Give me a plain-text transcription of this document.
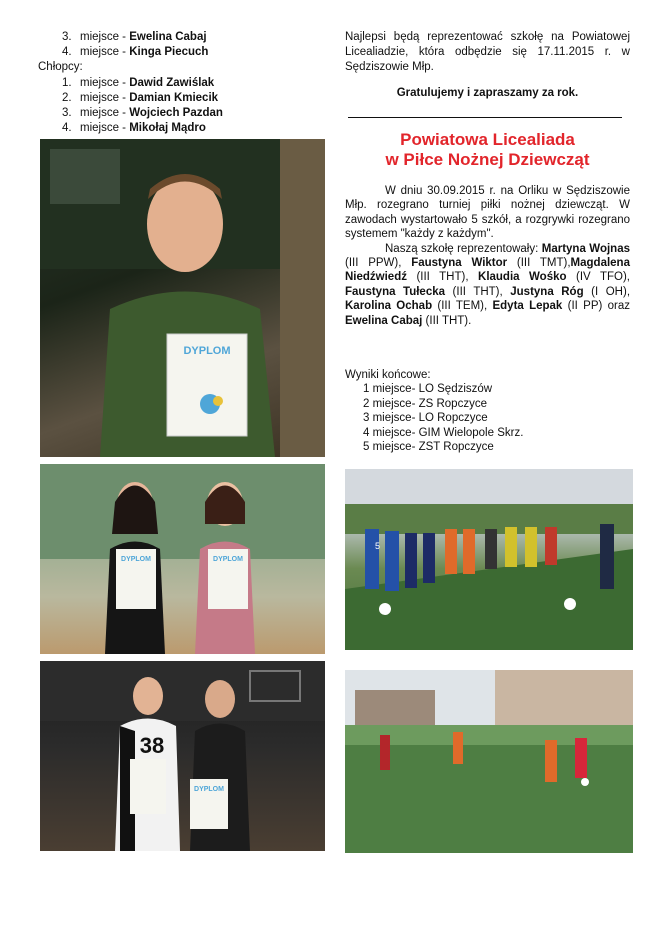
3. miejsce - Ewelina Cabaj
4. miejsce - Kinga Piecuch
Chłopcy:
1. miejsce - Dawid Zawiślak
2. miejsce - Damian Kmiecik
3. miejsce - Wojciech Pazdan
4. miejsce - Mikołaj Mądro
DYPLOM
DYPLOM	DYPLOM
38
DYPLOM
Najlepsi będą reprezentować szkołę na Powiatowej Licealiadzie, która odbędzie się 17.11.2015 r. w Sędziszowie Młp.
Gratulujemy i zapraszamy za rok.
Powiatowa Licealiada
w Piłce Nożnej Dziewcząt

W dniu 30.09.2015 r. na Orliku w Sędziszowie Młp. rozegrano turniej piłki nożnej dziewcząt. W zawodach wystartowało 5 szkół, a rozgrywki rozegrano systemem "każdy z każdym".

Naszą szkołę reprezentowały: Martyna Wojnas (III PPW), Faustyna Wiktor (III TMT),Magdalena Niedźwiedź (III THT), Klaudia Wośko (IV TFO), Faustyna Tułecka (III THT), Justyna Róg (I OH), Karolina Ochab (III TEM), Edyta Lepak (II PP) oraz Ewelina Cabaj (III THT).

Wyniki końcowe:
1 miejsce- LO Sędziszów
2 miejsce- ZS Ropczyce
3 miejsce- LO Ropczyce
4 miejsce- GIM Wielopole Skrz.
5 miejsce- ZST Ropczyce
5
